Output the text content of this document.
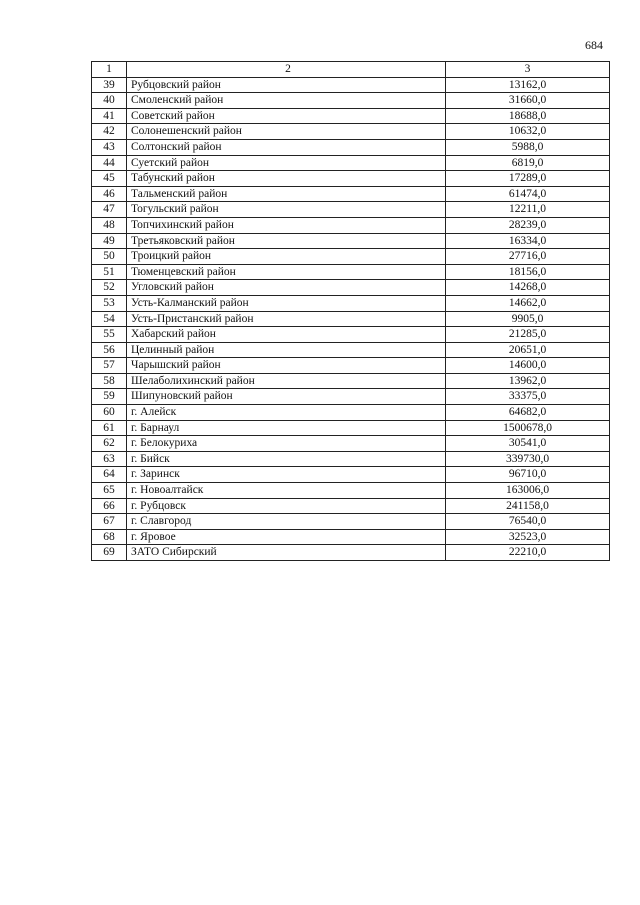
684
1	2	3
39	Рубцовский район	13162,0
40	Смоленский район	31660,0
41	Советский район	18688,0
42	Солонешенский район	10632,0
43	Солтонский район	5988,0
44	Суетский район	6819,0
45	Табунский район	17289,0
46	Тальменский район	61474,0
47	Тогульский район	12211,0
48	Топчихинский район	28239,0
49	Третьяковский район	16334,0
50	Троицкий район	27716,0
51	Тюменцевский район	18156,0
52	Угловский район	14268,0
53	Усть-Калманский район	14662,0
54	Усть-Пристанский район	9905,0
55	Хабарский район	21285,0
56	Целинный район	20651,0
57	Чарышский район	14600,0
58	Шелаболихинский район	13962,0
59	Шипуновский район	33375,0
60	г. Алейск	64682,0
61	г. Барнаул	1500678,0
62	г. Белокуриха	30541,0
63	г. Бийск	339730,0
64	г. Заринск	96710,0
65	г. Новоалтайск	163006,0
66	г. Рубцовск	241158,0
67	г. Славгород	76540,0
68	г. Яровое	32523,0
69	ЗАТО Сибирский	22210,0
